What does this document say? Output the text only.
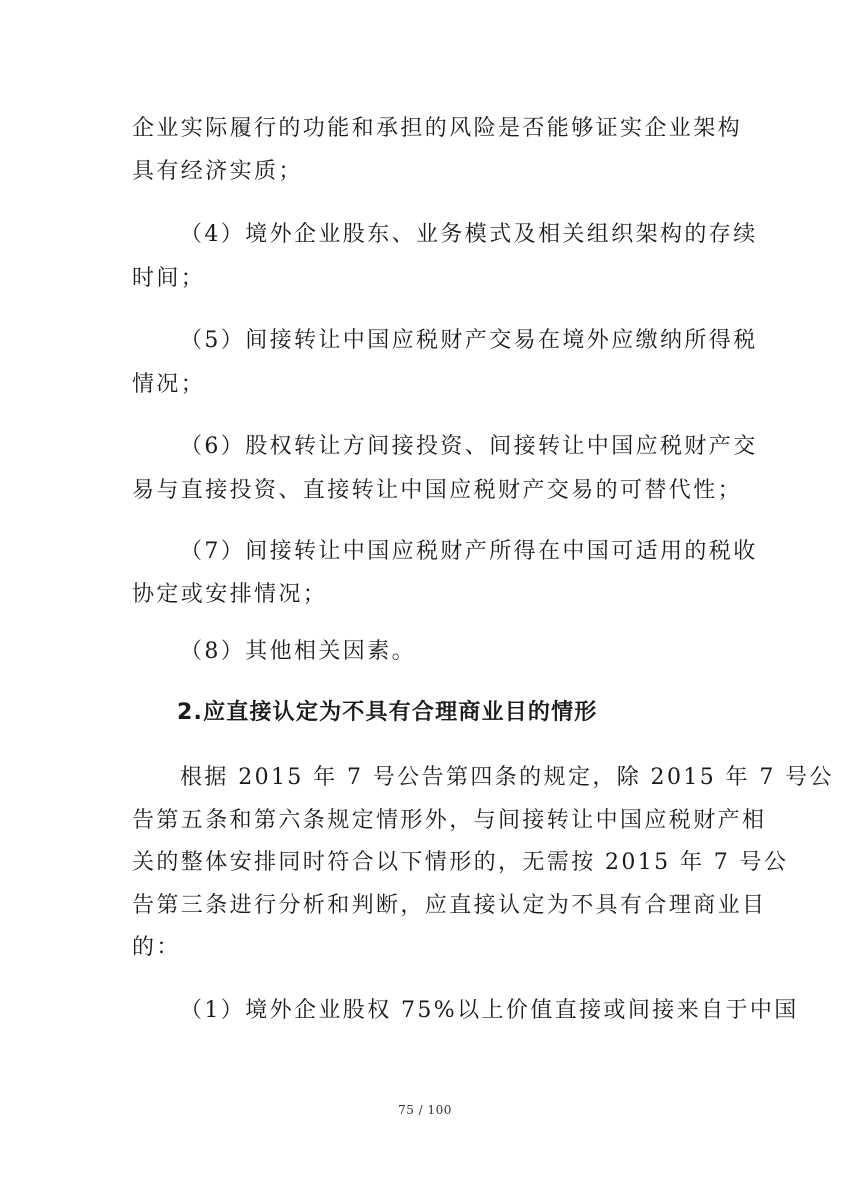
企业实际履行的功能和承担的风险是否能够证实企业架构
具有经济实质；
（4）境外企业股东、业务模式及相关组织架构的存续
时间；
（5）间接转让中国应税财产交易在境外应缴纳所得税
情况；
（6）股权转让方间接投资、间接转让中国应税财产交
易与直接投资、直接转让中国应税财产交易的可替代性；
（7）间接转让中国应税财产所得在中国可适用的税收
协定或安排情况；
（8）其他相关因素。
2.应直接认定为不具有合理商业目的情形
根据 2015 年 7 号公告第四条的规定，除 2015 年 7 号公
告第五条和第六条规定情形外，与间接转让中国应税财产相
关的整体安排同时符合以下情形的，无需按 2015 年 7 号公
告第三条进行分析和判断，应直接认定为不具有合理商业目
的：
（1）境外企业股权 75%以上价值直接或间接来自于中国
75 / 100
